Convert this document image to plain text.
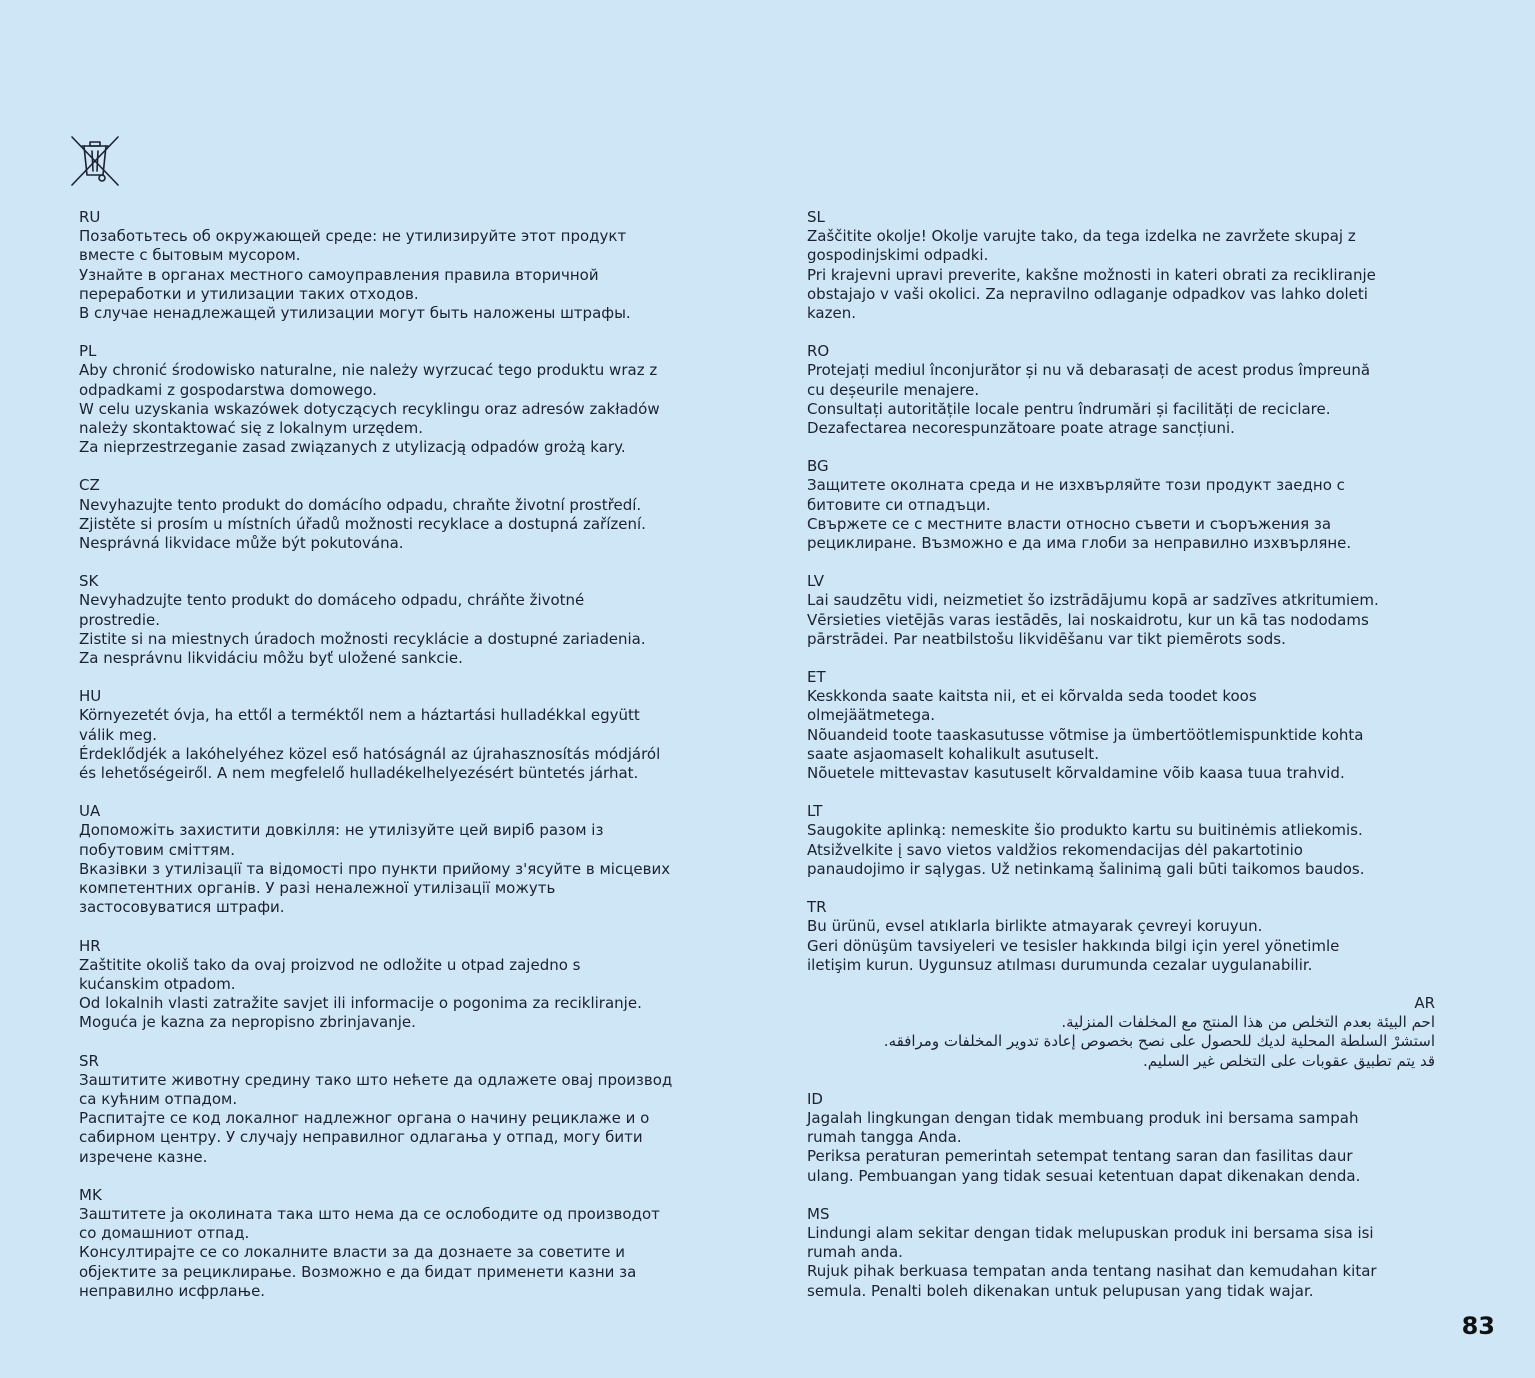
RU
Позаботьтесь об окружающей среде: не утилизируйте этот продукт
вместе с бытовым мусором.
Узнайте в органах местного самоуправления правила вторичной
переработки и утилизации таких отходов.
В случае ненадлежащей утилизации могут быть наложены штрафы.
PL
Aby chronić środowisko naturalne, nie należy wyrzucać tego produktu wraz z
odpadkami z gospodarstwa domowego.
W celu uzyskania wskazówek dotyczących recyklingu oraz adresów zakładów
należy skontaktować się z lokalnym urzędem.
Za nieprzestrzeganie zasad związanych z utylizacją odpadów grożą kary.
CZ
Nevyhazujte tento produkt do domácího odpadu, chraňte životní prostředí.
Zjistěte si prosím u místních úřadů možnosti recyklace a dostupná zařízení.
Nesprávná likvidace může být pokutována.
SK
Nevyhadzujte tento produkt do domáceho odpadu, chráňte životné
prostredie.
Zistite si na miestnych úradoch možnosti recyklácie a dostupné zariadenia.
Za nesprávnu likvidáciu môžu byť uložené sankcie.
HU
Környezetét óvja, ha ettől a terméktől nem a háztartási hulladékkal együtt
válik meg.
Érdeklődjék a lakóhelyéhez közel eső hatóságnál az újrahasznosítás módjáról
és lehetőségeiről. A nem megfelelő hulladékelhelyezésért büntetés járhat.
UA
Допоможіть захистити довкілля: не утилізуйте цей виріб разом із
побутовим сміттям.
Вказівки з утилізації та відомості про пункти прийому з'ясуйте в місцевих
компетентних органів. У разі неналежної утилізації можуть
застосовуватися штрафи.
HR
Zaštitite okoliš tako da ovaj proizvod ne odložite u otpad zajedno s
kućanskim otpadom.
Od lokalnih vlasti zatražite savjet ili informacije o pogonima za recikliranje.
Moguća je kazna za nepropisno zbrinjavanje.
SR
Заштитите животну средину тако што нећете да одлажете овај производ
са кућним отпадом.
Распитајте се код локалног надлежног органа о начину рециклаже и о
сабирном центру. У случају неправилног одлагања у отпад, могу бити
изречене казне.
MK
Заштитете ја околината така што нема да се ослободите од производот
со домашниот отпад.
Консултирајте се со локалните власти за да дознаете за советите и
објектите за рециклирање. Возможно е да бидат применети казни за
неправилно исфрлање.
SL
Zaščitite okolje! Okolje varujte tako, da tega izdelka ne zavržete skupaj z
gospodinjskimi odpadki.
Pri krajevni upravi preverite, kakšne možnosti in kateri obrati za recikliranje
obstajajo v vaši okolici. Za nepravilno odlaganje odpadkov vas lahko doleti
kazen.
RO
Protejați mediul înconjurător și nu vă debarasați de acest produs împreună
cu deșeurile menajere.
Consultați autoritățile locale pentru îndrumări și facilități de reciclare.
Dezafectarea necorespunzătoare poate atrage sancțiuni.
BG
Защитете околната среда и не изхвърляйте този продукт заедно с
битовите си отпадъци.
Свържете се с местните власти относно съвети и съоръжения за
рециклиране. Възможно е да има глоби за неправилно изхвърляне.
LV
Lai saudzētu vidi, neizmetiet šo izstrādājumu kopā ar sadzīves atkritumiem.
Vērsieties vietējās varas iestādēs, lai noskaidrotu, kur un kā tas nododams
pārstrādei. Par neatbilstošu likvidēšanu var tikt piemērots sods.
ET
Keskkonda saate kaitsta nii, et ei kõrvalda seda toodet koos
olmejäätmetega.
Nõuandeid toote taaskasutusse võtmise ja ümbertöötlemispunktide kohta
saate asjaomaselt kohalikult asutuselt.
Nõuetele mittevastav kasutuselt kõrvaldamine võib kaasa tuua trahvid.
LT
Saugokite aplinką: nemeskite šio produkto kartu su buitinėmis atliekomis.
Atsižvelkite į savo vietos valdžios rekomendacijas dėl pakartotinio
panaudojimo ir sąlygas. Už netinkamą šalinimą gali būti taikomos baudos.
TR
Bu ürünü, evsel atıklarla birlikte atmayarak çevreyi koruyun.
Geri dönüşüm tavsiyeleri ve tesisler hakkında bilgi için yerel yönetimle
iletişim kurun. Uygunsuz atılması durumunda cezalar uygulanabilir.
AR
احم البيئة بعدم التخلص من هذا المنتج مع المخلفات المنزلية.
استشرْ السلطة المحلية لديك للحصول على نصح بخصوص إعادة تدوير المخلفات ومرافقه.
قد يتم تطبيق عقوبات على التخلص غير السليم.
ID
Jagalah lingkungan dengan tidak membuang produk ini bersama sampah
rumah tangga Anda.
Periksa peraturan pemerintah setempat tentang saran dan fasilitas daur
ulang. Pembuangan yang tidak sesuai ketentuan dapat dikenakan denda.
MS
Lindungi alam sekitar dengan tidak melupuskan produk ini bersama sisa isi
rumah anda.
Rujuk pihak berkuasa tempatan anda tentang nasihat dan kemudahan kitar
semula. Penalti boleh dikenakan untuk pelupusan yang tidak wajar.
83
